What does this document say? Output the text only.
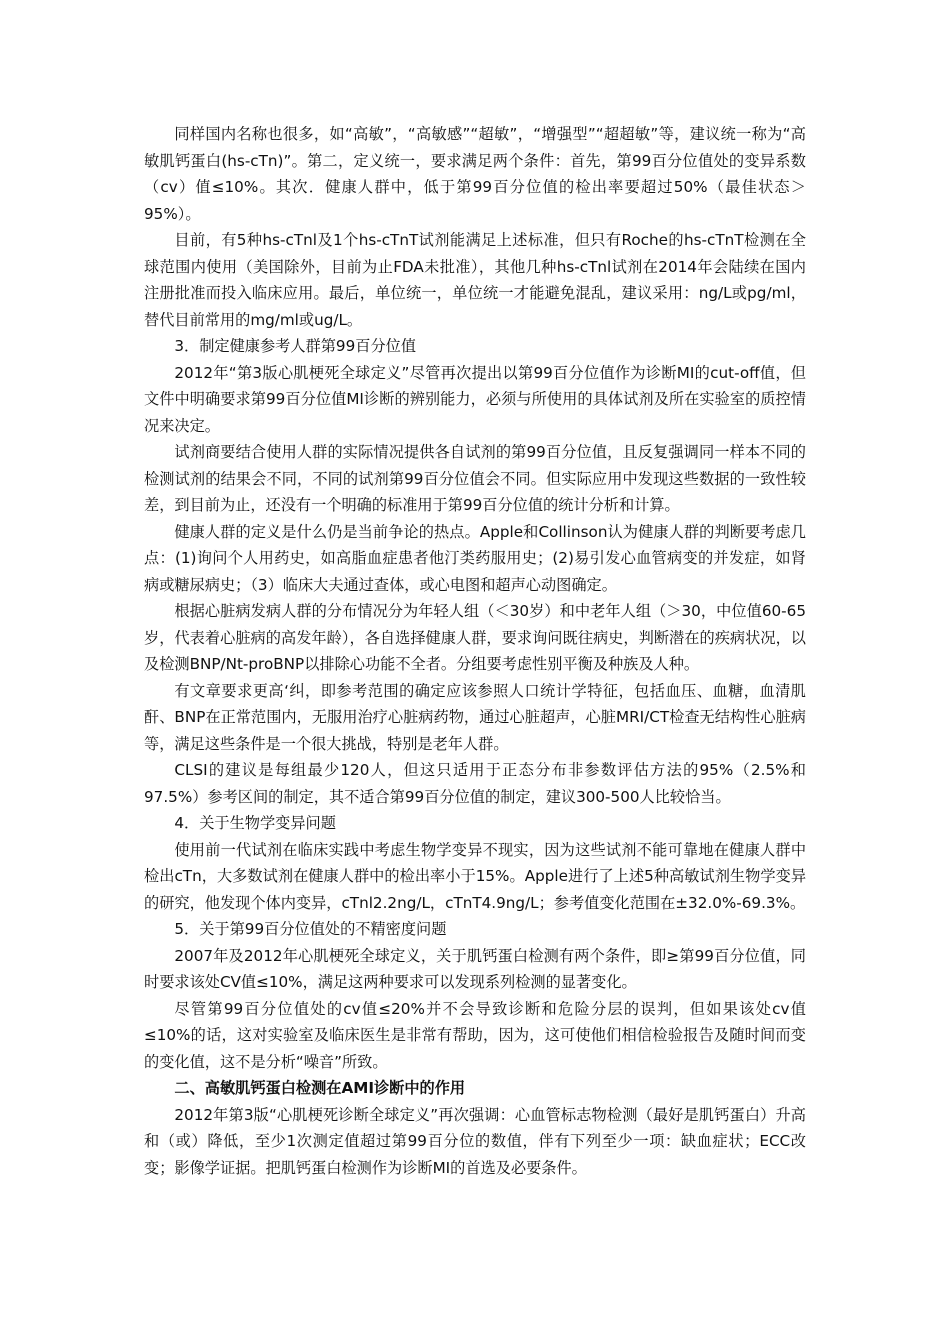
同样国内名称也很多，如“高敏”，“高敏感”“超敏”，“增强型”“超超敏”等，建议统一称为“高敏肌钙蛋白(hs-cTn)”。第二，定义统一，要求满足两个条件：首先，第99百分位值处的变异系数（cv）值≤10%。其次．健康人群中，低于第99百分位值的检出率要超过50%（最佳状态＞95%）。

目前，有5种hs-cTnl及1个hs-cTnT试剂能满足上述标准，但只有Roche的hs-cTnT检测在全球范围内使用（美国除外，目前为止FDA未批准），其他几种hs-cTnl试剂在2014年会陆续在国内注册批准而投入临床应用。最后，单位统一，单位统一才能避免混乱，建议采用：ng/L或pg/ml，替代目前常用的mg/ml或ug/L。

3．制定健康参考人群第99百分位值

2012年“第3版心肌梗死全球定义”尽管再次提出以第99百分位值作为诊断MI的cut-off值，但文件中明确要求第99百分位值MI诊断的辨别能力，必须与所使用的具体试剂及所在实验室的质控情况来决定。

试剂商要结合使用人群的实际情况提供各自试剂的第99百分位值，且反复强调同一样本不同的检测试剂的结果会不同，不同的试剂第99百分位值会不同。但实际应用中发现这些数据的一致性较差，到目前为止，还没有一个明确的标准用于第99百分位值的统计分析和计算。

健康人群的定义是什么仍是当前争论的热点。Apple和Collinson认为健康人群的判断要考虑几点：(1)询问个人用药史，如高脂血症患者他汀类药服用史；(2)易引发心血管病变的并发症，如肾病或糖尿病史；（3）临床大夫通过查体，或心电图和超声心动图确定。

根据心脏病发病人群的分布情况分为年轻人组（＜30岁）和中老年人组（＞30，中位值60-65岁，代表着心脏病的高发年龄），各自选择健康人群，要求询问既往病史，判断潜在的疾病状况，以及检测BNP/Nt-proBNP以排除心功能不全者。分组要考虑性别平衡及种族及人种。

有文章要求更高‘纠，即参考范围的确定应该参照人口统计学特征，包括血压、血糖，血清肌酐、BNP在正常范围内，无服用治疗心脏病药物，通过心脏超声，心脏MRI/CT检查无结构性心脏病等，满足这些条件是一个很大挑战，特别是老年人群。

CLSI的建议是每组最少120人，但这只适用于正态分布非参数评估方法的95%（2.5%和97.5%）参考区间的制定，其不适合第99百分位值的制定，建议300-500人比较恰当。

4．关于生物学变异问题

使用前一代试剂在临床实践中考虑生物学变异不现实，因为这些试剂不能可靠地在健康人群中检出cTn，大多数试剂在健康人群中的检出率小于15%。Apple进行了上述5种高敏试剂生物学变异的研究，他发现个体内变异，cTnl2.2ng/L，cTnT4.9ng/L；参考值变化范围在±32.0%-69.3%。

5．关于第99百分位值处的不精密度问题

2007年及2012年心肌梗死全球定义，关于肌钙蛋白检测有两个条件，即≥第99百分位值，同时要求该处CV值≤10%，满足这两种要求可以发现系列检测的显著变化。

尽管第99百分位值处的cv值≤20%并不会导致诊断和危险分层的误判，但如果该处cv值≤10%的话，这对实验室及临床医生是非常有帮助，因为，这可使他们相信检验报告及随时间而变的变化值，这不是分析“噪音”所致。

二、高敏肌钙蛋白检测在AMI诊断中的作用

2012年第3版“心肌梗死诊断全球定义”再次强调：心血管标志物检测（最好是肌钙蛋白）升高和（或）降低，至少1次测定值超过第99百分位的数值，伴有下列至少一项：缺血症状；ECC改变；影像学证据。把肌钙蛋白检测作为诊断MI的首选及必要条件。
